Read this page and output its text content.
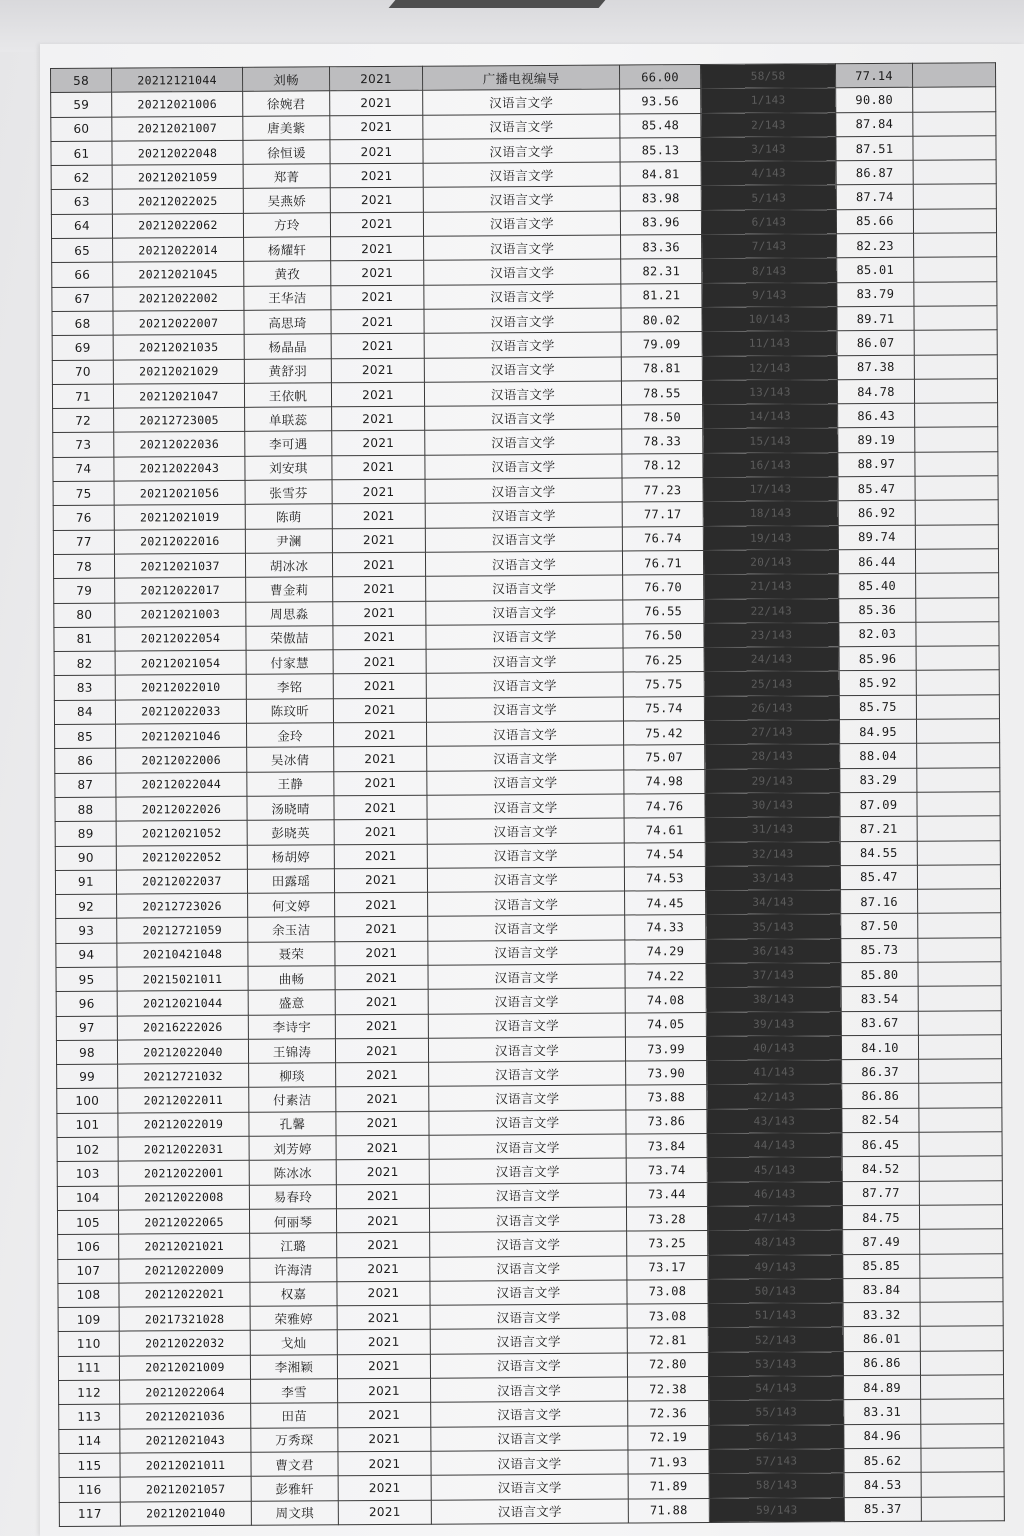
58	20212121044	刘畅	2021	广播电视编导	66.00	58/58	77.14	
59	20212021006	徐婉君	2021	汉语言文学	93.56	1/143	90.80	
60	20212021007	唐美紫	2021	汉语言文学	85.48	2/143	87.84	
61	20212022048	徐恒谖	2021	汉语言文学	85.13	3/143	87.51	
62	20212021059	郑菁	2021	汉语言文学	84.81	4/143	86.87	
63	20212022025	吴燕娇	2021	汉语言文学	83.98	5/143	87.74	
64	20212022062	方玲	2021	汉语言文学	83.96	6/143	85.66	
65	20212022014	杨耀轩	2021	汉语言文学	83.36	7/143	82.23	
66	20212021045	黄孜	2021	汉语言文学	82.31	8/143	85.01	
67	20212022002	王华洁	2021	汉语言文学	81.21	9/143	83.79	
68	20212022007	高思琦	2021	汉语言文学	80.02	10/143	89.71	
69	20212021035	杨晶晶	2021	汉语言文学	79.09	11/143	86.07	
70	20212021029	黄舒羽	2021	汉语言文学	78.81	12/143	87.38	
71	20212021047	王依帆	2021	汉语言文学	78.55	13/143	84.78	
72	20212723005	单联蕊	2021	汉语言文学	78.50	14/143	86.43	
73	20212022036	李可遇	2021	汉语言文学	78.33	15/143	89.19	
74	20212022043	刘安琪	2021	汉语言文学	78.12	16/143	88.97	
75	20212021056	张雪芬	2021	汉语言文学	77.23	17/143	85.47	
76	20212021019	陈萌	2021	汉语言文学	77.17	18/143	86.92	
77	20212022016	尹澜	2021	汉语言文学	76.74	19/143	89.74	
78	20212021037	胡冰冰	2021	汉语言文学	76.71	20/143	86.44	
79	20212022017	曹金莉	2021	汉语言文学	76.70	21/143	85.40	
80	20212021003	周思淼	2021	汉语言文学	76.55	22/143	85.36	
81	20212022054	荣傲喆	2021	汉语言文学	76.50	23/143	82.03	
82	20212021054	付家慧	2021	汉语言文学	76.25	24/143	85.96	
83	20212022010	李铭	2021	汉语言文学	75.75	25/143	85.92	
84	20212022033	陈玟昕	2021	汉语言文学	75.74	26/143	85.75	
85	20212021046	金玲	2021	汉语言文学	75.42	27/143	84.95	
86	20212022006	吴冰倩	2021	汉语言文学	75.07	28/143	88.04	
87	20212022044	王静	2021	汉语言文学	74.98	29/143	83.29	
88	20212022026	汤晓晴	2021	汉语言文学	74.76	30/143	87.09	
89	20212021052	彭晓英	2021	汉语言文学	74.61	31/143	87.21	
90	20212022052	杨胡婷	2021	汉语言文学	74.54	32/143	84.55	
91	20212022037	田露瑶	2021	汉语言文学	74.53	33/143	85.47	
92	20212723026	何文婷	2021	汉语言文学	74.45	34/143	87.16	
93	20212721059	余玉洁	2021	汉语言文学	74.33	35/143	87.50	
94	20210421048	聂荣	2021	汉语言文学	74.29	36/143	85.73	
95	20215021011	曲畅	2021	汉语言文学	74.22	37/143	85.80	
96	20212021044	盛意	2021	汉语言文学	74.08	38/143	83.54	
97	20216222026	李诗宇	2021	汉语言文学	74.05	39/143	83.67	
98	20212022040	王锦涛	2021	汉语言文学	73.99	40/143	84.10	
99	20212721032	柳琰	2021	汉语言文学	73.90	41/143	86.37	
100	20212022011	付素洁	2021	汉语言文学	73.88	42/143	86.86	
101	20212022019	孔馨	2021	汉语言文学	73.86	43/143	82.54	
102	20212022031	刘芳婷	2021	汉语言文学	73.84	44/143	86.45	
103	20212022001	陈冰冰	2021	汉语言文学	73.74	45/143	84.52	
104	20212022008	易春玲	2021	汉语言文学	73.44	46/143	87.77	
105	20212022065	何丽琴	2021	汉语言文学	73.28	47/143	84.75	
106	20212021021	江璐	2021	汉语言文学	73.25	48/143	87.49	
107	20212022009	许海清	2021	汉语言文学	73.17	49/143	85.85	
108	20212022021	权嘉	2021	汉语言文学	73.08	50/143	83.84	
109	20217321028	荣雅婷	2021	汉语言文学	73.08	51/143	83.32	
110	20212022032	戈灿	2021	汉语言文学	72.81	52/143	86.01	
111	20212021009	李湘颖	2021	汉语言文学	72.80	53/143	86.86	
112	20212022064	李雪	2021	汉语言文学	72.38	54/143	84.89	
113	20212021036	田苗	2021	汉语言文学	72.36	55/143	83.31	
114	20212021043	万秀琛	2021	汉语言文学	72.19	56/143	84.96	
115	20212021011	曹文君	2021	汉语言文学	71.93	57/143	85.62	
116	20212021057	彭雅轩	2021	汉语言文学	71.89	58/143	84.53	
117	20212021040	周文琪	2021	汉语言文学	71.88	59/143	85.37	
